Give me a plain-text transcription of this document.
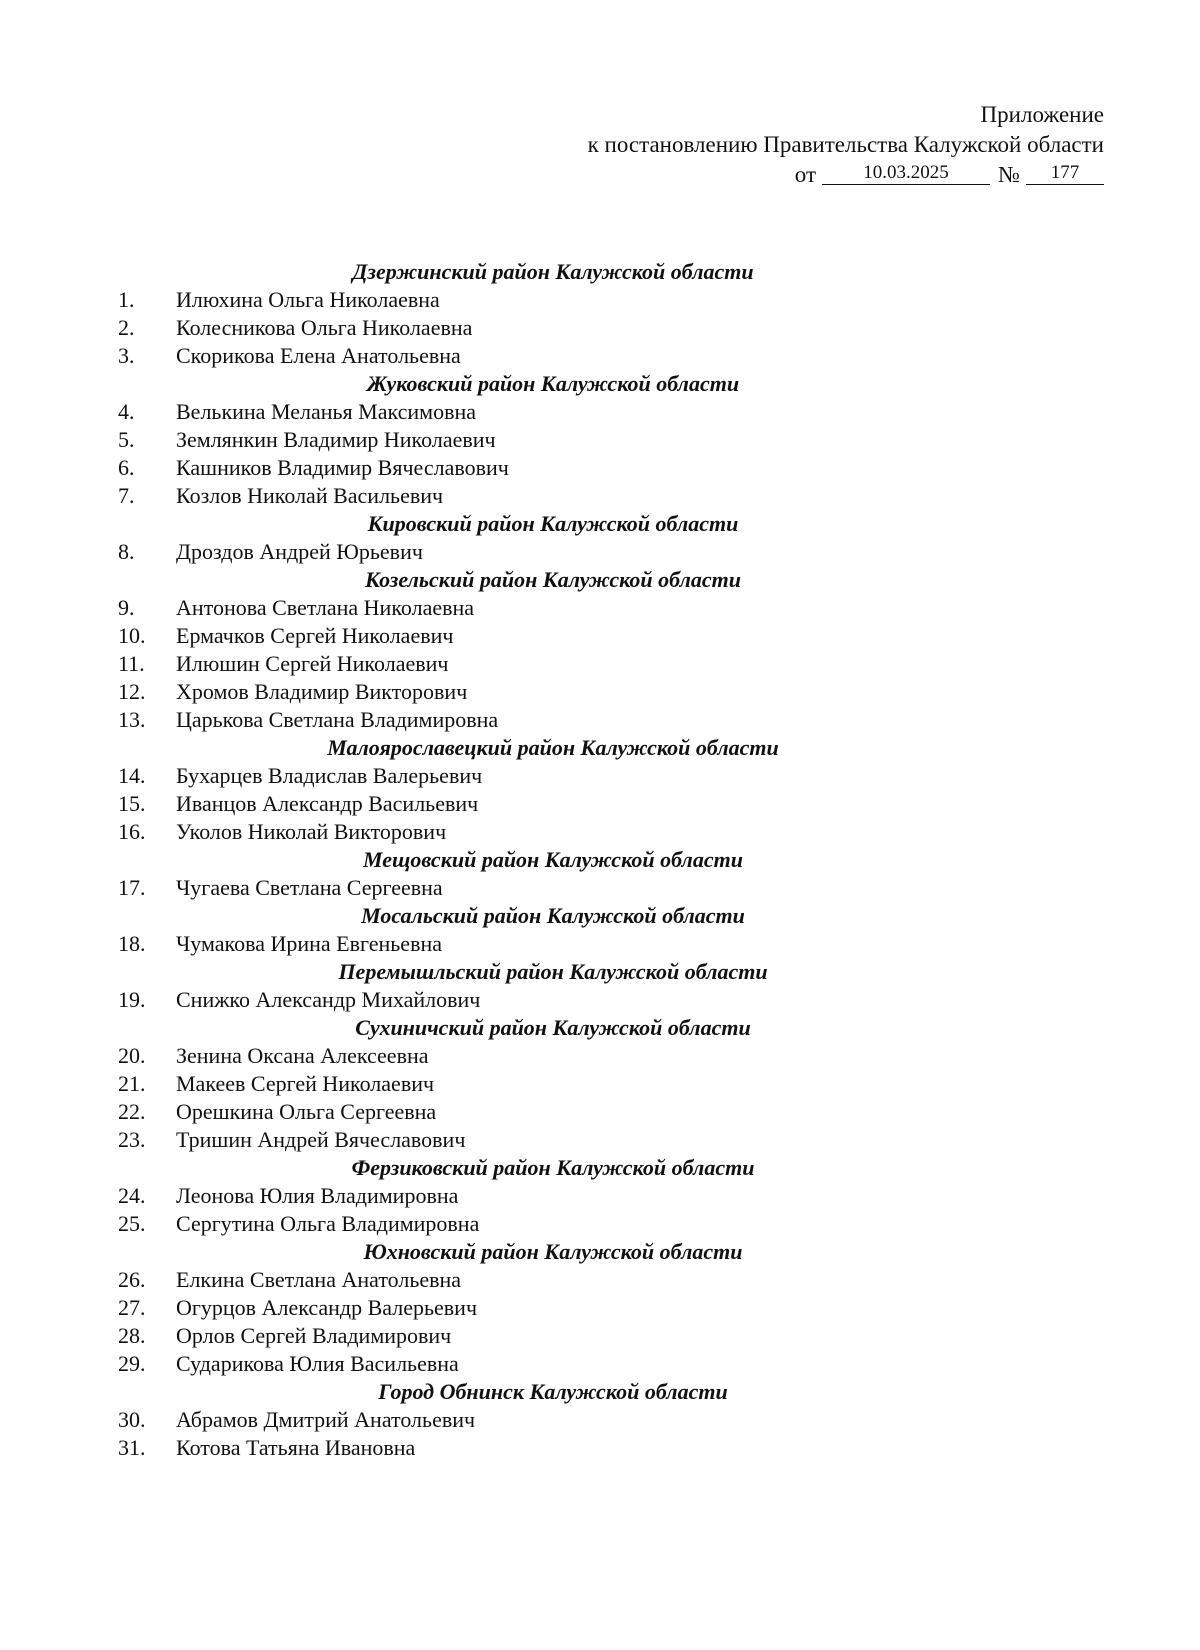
Приложение
к постановлению Правительства Калужской области
от	10.03.2025	№	177
Дзержинский район Калужской области
1.	Илюхина Ольга Николаевна
2.	Колесникова Ольга Николаевна
3.	Скорикова Елена Анатольевна
Жуковский район Калужской области
4.	Велькина Меланья Максимовна
5.	Землянкин Владимир Николаевич
6.	Кашников Владимир Вячеславович
7.	Козлов Николай Васильевич
Кировский район Калужской области
8.	Дроздов Андрей Юрьевич
Козельский район Калужской области
9.	Антонова Светлана Николаевна
10.	Ермачков Сергей Николаевич
11.	Илюшин Сергей Николаевич
12.	Хромов Владимир Викторович
13.	Царькова Светлана Владимировна
Малоярославецкий район Калужской области
14.	Бухарцев Владислав Валерьевич
15.	Иванцов Александр Васильевич
16.	Уколов Николай Викторович
Мещовский район Калужской области
17.	Чугаева Светлана Сергеевна
Мосальский район Калужской области
18.	Чумакова Ирина Евгеньевна
Перемышльский район Калужской области
19.	Снижко Александр Михайлович
Сухиничский район Калужской области
20.	Зенина Оксана Алексеевна
21.	Макеев Сергей Николаевич
22.	Орешкина Ольга Сергеевна
23.	Тришин Андрей Вячеславович
Ферзиковский район Калужской области
24.	Леонова Юлия Владимировна
25.	Сергутина Ольга Владимировна
Юхновский район Калужской области
26.	Елкина Светлана Анатольевна
27.	Огурцов Александр Валерьевич
28.	Орлов Сергей Владимирович
29.	Сударикова Юлия Васильевна
Город Обнинск Калужской области
30.	Абрамов Дмитрий Анатольевич
31.	Котова Татьяна Ивановна
